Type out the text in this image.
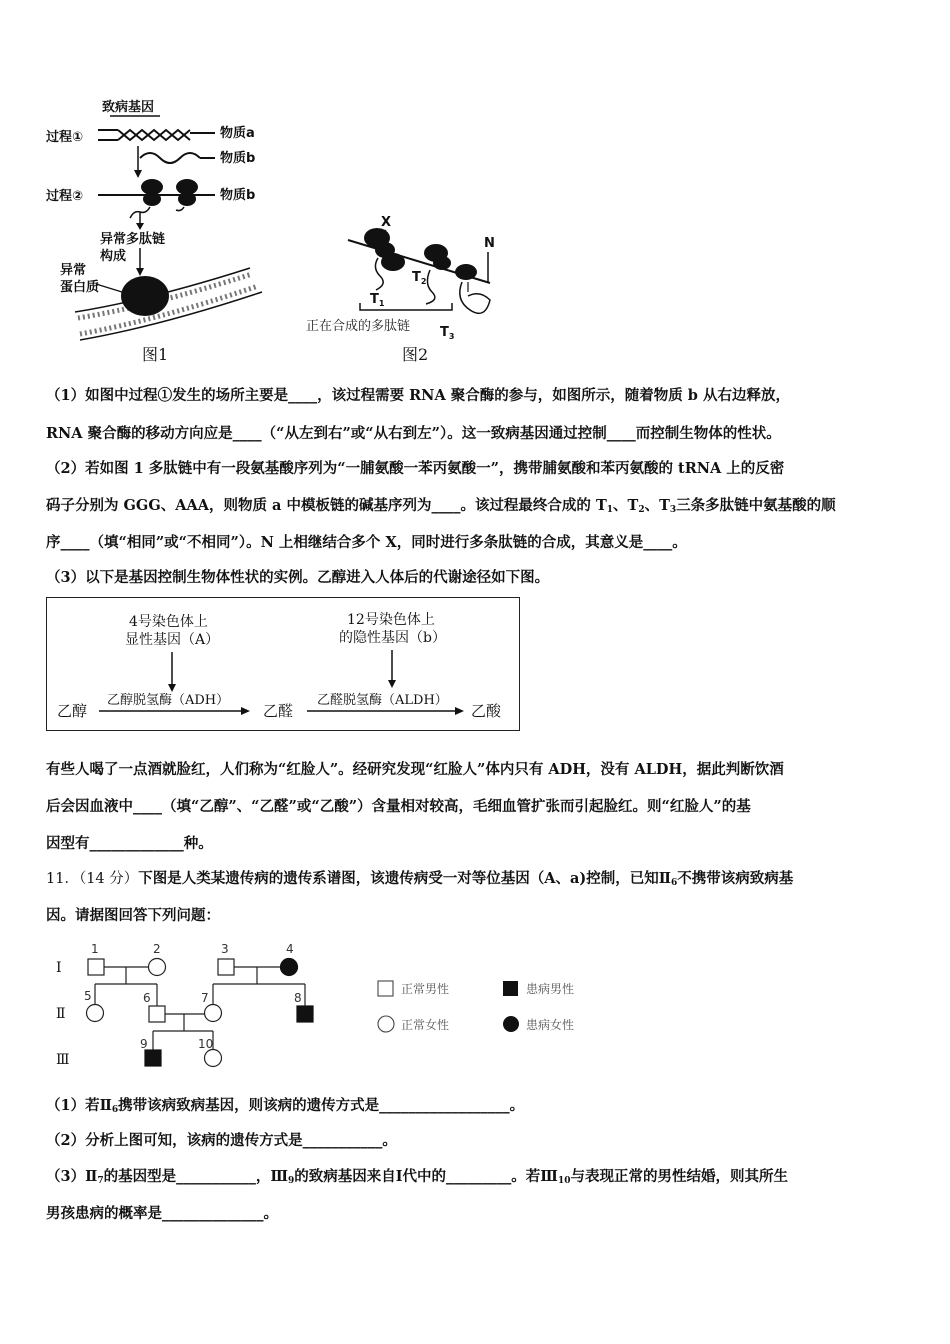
致病基因
过程①	物质a
物质b
过程②	物质b
异常多肽链
构成
异常
蛋白质
图1
X
N
$T_1$
$T_2$
$T_3$
正在合成的多肽链
图2
（1）如图中过程①发生的场所主要是____，该过程需要 RNA 聚合酶的参与，如图所示，随着物质 b 从右边释放，
RNA 聚合酶的移动方向应是____（“从左到右”或“从右到左”）。这一致病基因通过控制____而控制生物体的性状。
（2）若如图 1 多肽链中有一段氨基酸序列为“一脯氨酸一苯丙氨酸一”，携带脯氨酸和苯丙氨酸的 tRNA 上的反密
码子分别为 GGG、AAA，则物质 a 中模板链的碱基序列为____。该过程最终合成的 $T_1$、$T_2$、$T_3$三条多肽链中氨基酸的顺
序____（填“相同”或“不相同”）。N 上相继结合多个 X，同时进行多条肽链的合成，其意义是____。
（3）以下是基因控制生物体性状的实例。乙醇进入人体后的代谢途径如下图。
4号染色体上
显性基因（A）
12号染色体上
的隐性基因（b）
乙醇
乙醇脱氢酶（ADH）
乙醛
乙醛脱氢酶（ALDH）
乙酸
有些人喝了一点酒就脸红，人们称为“红脸人”。经研究发现“红脸人”体内只有 ADH，没有 ALDH，据此判断饮酒
后会因血液中____（填“乙醇”、“乙醛”或“乙酸”）含量相对较高，毛细血管扩张而引起脸红。则“红脸人”的基
因型有_____________种。
11．（14 分）下图是人类某遗传病的遗传系谱图，该遗传病受一对等位基因（A、a)控制，已知$Ⅱ_6$不携带该病致病基
因。请据图回答下列问题：
Ⅰ
Ⅱ
Ⅲ
1	2	3	4
5	6	7	8
9	10
正常男性	患病男性
正常女性	患病女性
（1）若$Ⅱ_6$携带该病致病基因，则该病的遗传方式是__________________。
（2）分析上图可知，该病的遗传方式是___________。
$(3)Ⅱ_7$的基因型是___________，$Ⅲ_9$的致病基因来自Ⅰ代中的_________。若$Ⅲ_{10}$与表现正常的男性结婚，则其所生
男孩患病的概率是______________。
